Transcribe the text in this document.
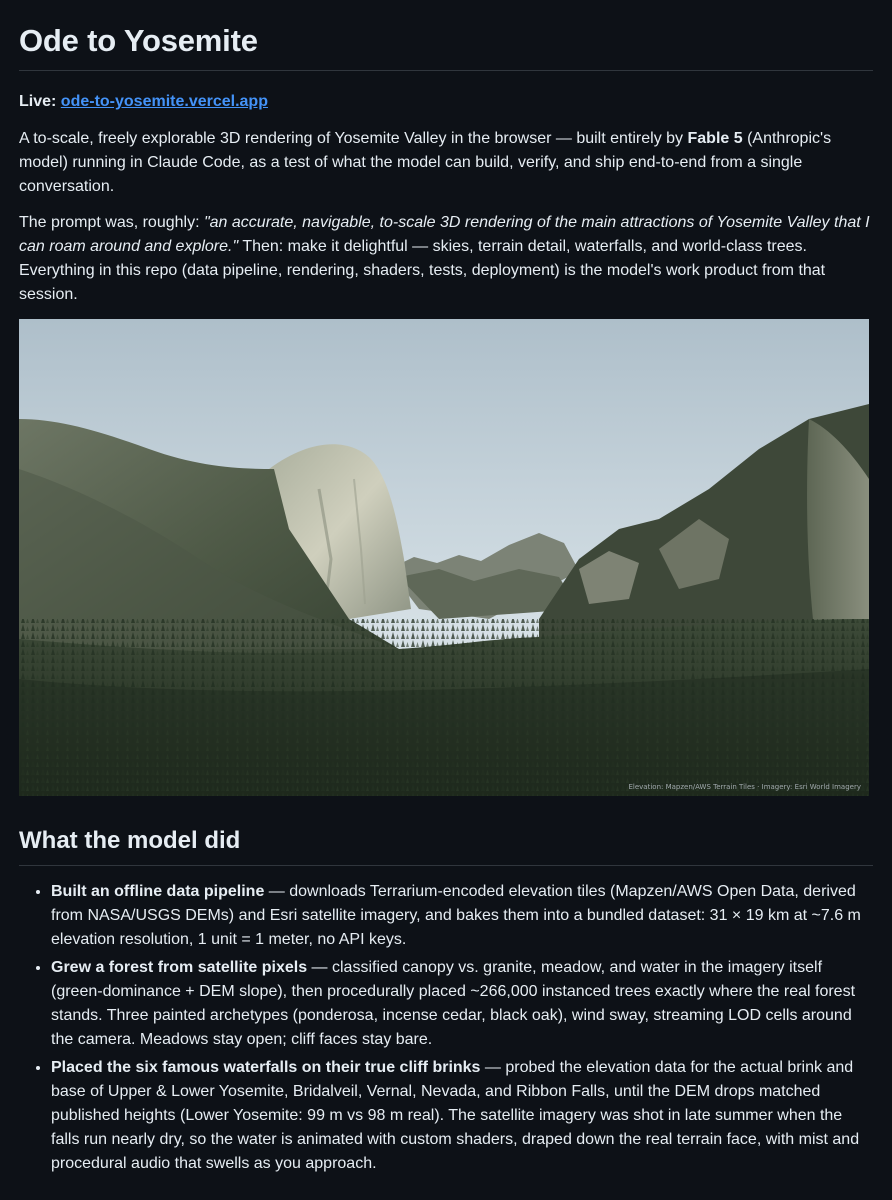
Ode to Yosemite

Live: ode-to-yosemite.vercel.app

A to-scale, freely explorable 3D rendering of Yosemite Valley in the browser — built entirely by Fable 5 (Anthropic's model) running in Claude Code, as a test of what the model can build, verify, and ship end-to-end from a single conversation.

The prompt was, roughly: "an accurate, navigable, to-scale 3D rendering of the main attractions of Yosemite Valley that I can roam around and explore." Then: make it delightful — skies, terrain detail, waterfalls, and world-class trees. Everything in this repo (data pipeline, rendering, shaders, tests, deployment) is the model's work product from that session.

Elevation: Mapzen/AWS Terrain Tiles · Imagery: Esri World Imagery
What the model did
• Built an offline data pipeline — downloads Terrarium-encoded elevation tiles (Mapzen/AWS Open Data, derived from NASA/USGS DEMs) and Esri satellite imagery, and bakes them into a bundled dataset: 31 × 19 km at ~7.6 m elevation resolution, 1 unit = 1 meter, no API keys.
• Grew a forest from satellite pixels — classified canopy vs. granite, meadow, and water in the imagery itself (green-dominance + DEM slope), then procedurally placed ~266,000 instanced trees exactly where the real forest stands. Three painted archetypes (ponderosa, incense cedar, black oak), wind sway, streaming LOD cells around the camera. Meadows stay open; cliff faces stay bare.
• Placed the six famous waterfalls on their true cliff brinks — probed the elevation data for the actual brink and base of Upper & Lower Yosemite, Bridalveil, Vernal, Nevada, and Ribbon Falls, until the DEM drops matched published heights (Lower Yosemite: 99 m vs 98 m real). The satellite imagery was shot in late summer when the falls run nearly dry, so the water is animated with custom shaders, draped down the real terrain face, with mist and procedural audio that swells as you approach.
